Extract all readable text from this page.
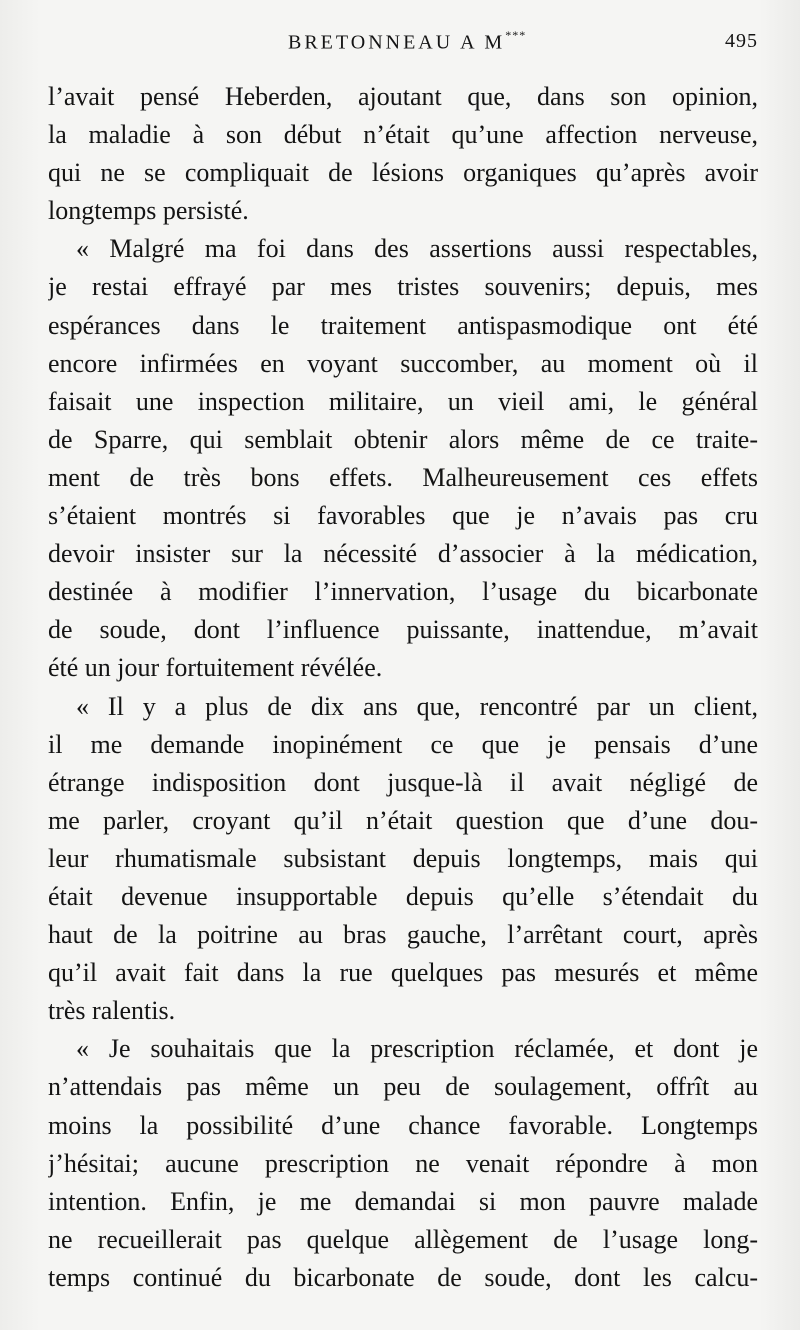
BRETONNEAU A M***	495
l’avait pensé Heberden, ajoutant que, dans son opinion,
la maladie à son début n’était qu’une affection nerveuse,
qui ne se compliquait de lésions organiques qu’après avoir
longtemps persisté.
« Malgré ma foi dans des assertions aussi respectables,
je restai effrayé par mes tristes souvenirs; depuis, mes
espérances dans le traitement antispasmodique ont été
encore infirmées en voyant succomber, au moment où il
faisait une inspection militaire, un vieil ami, le général
de Sparre, qui semblait obtenir alors même de ce traite-
ment de très bons effets. Malheureusement ces effets
s’étaient montrés si favorables que je n’avais pas cru
devoir insister sur la nécessité d’associer à la médication,
destinée à modifier l’innervation, l’usage du bicarbonate
de soude, dont l’influence puissante, inattendue, m’avait
été un jour fortuitement révélée.
« Il y a plus de dix ans que, rencontré par un client,
il me demande inopinément ce que je pensais d’une
étrange indisposition dont jusque-là il avait négligé de
me parler, croyant qu’il n’était question que d’une dou-
leur rhumatismale subsistant depuis longtemps, mais qui
était devenue insupportable depuis qu’elle s’étendait du
haut de la poitrine au bras gauche, l’arrêtant court, après
qu’il avait fait dans la rue quelques pas mesurés et même
très ralentis.
« Je souhaitais que la prescription réclamée, et dont je
n’attendais pas même un peu de soulagement, offrît au
moins la possibilité d’une chance favorable. Longtemps
j’hésitai; aucune prescription ne venait répondre à mon
intention. Enfin, je me demandai si mon pauvre malade
ne recueillerait pas quelque allègement de l’usage long-
temps continué du bicarbonate de soude, dont les calcu-
